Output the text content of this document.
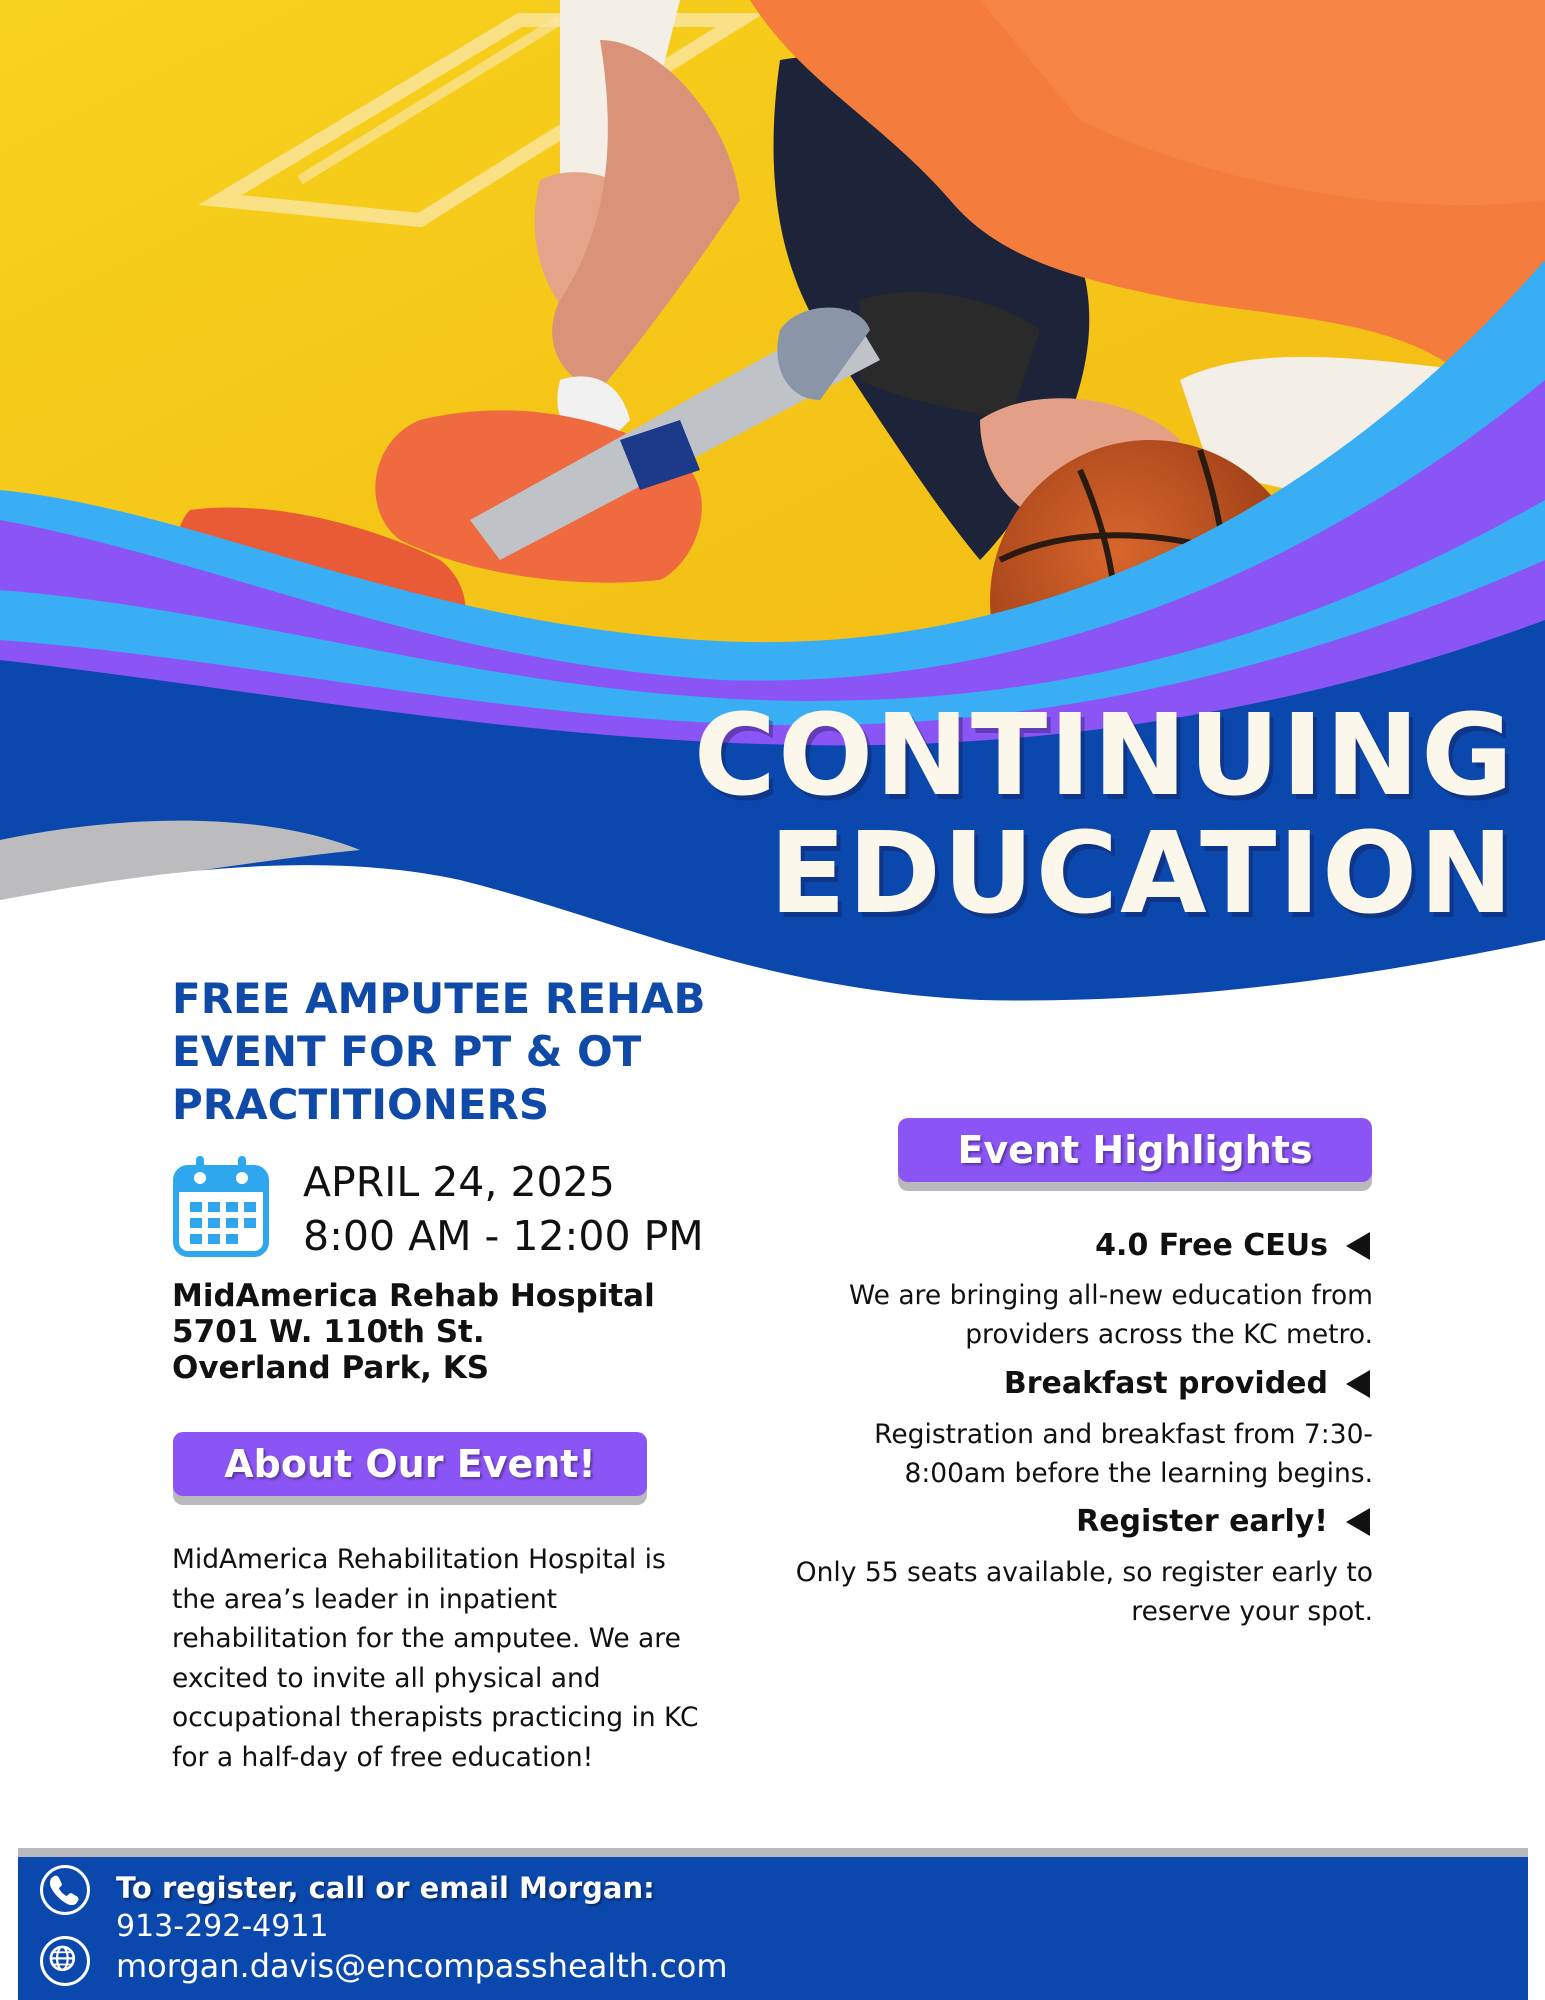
CONTINUING
EDUCATION
FREE AMPUTEE REHAB EVENT FOR PT & OT PRACTITIONERS
APRIL 24, 2025
8:00 AM - 12:00 PM
MidAmerica Rehab Hospital
5701 W. 110th St.
Overland Park, KS
About Our Event!
MidAmerica Rehabilitation Hospital is the area’s leader in inpatient rehabilitation for the amputee. We are excited to invite all physical and occupational therapists practicing in KC for a half-day of free education!
Event Highlights
4.0 Free CEUs
We are bringing all-new education from providers across the KC metro.
Breakfast provided
Registration and breakfast from 7:30-8:00am before the learning begins.
Register early!
Only 55 seats available, so register early to reserve your spot.
To register, call or email Morgan:
913-292-4911
morgan.davis@encompasshealth.com
